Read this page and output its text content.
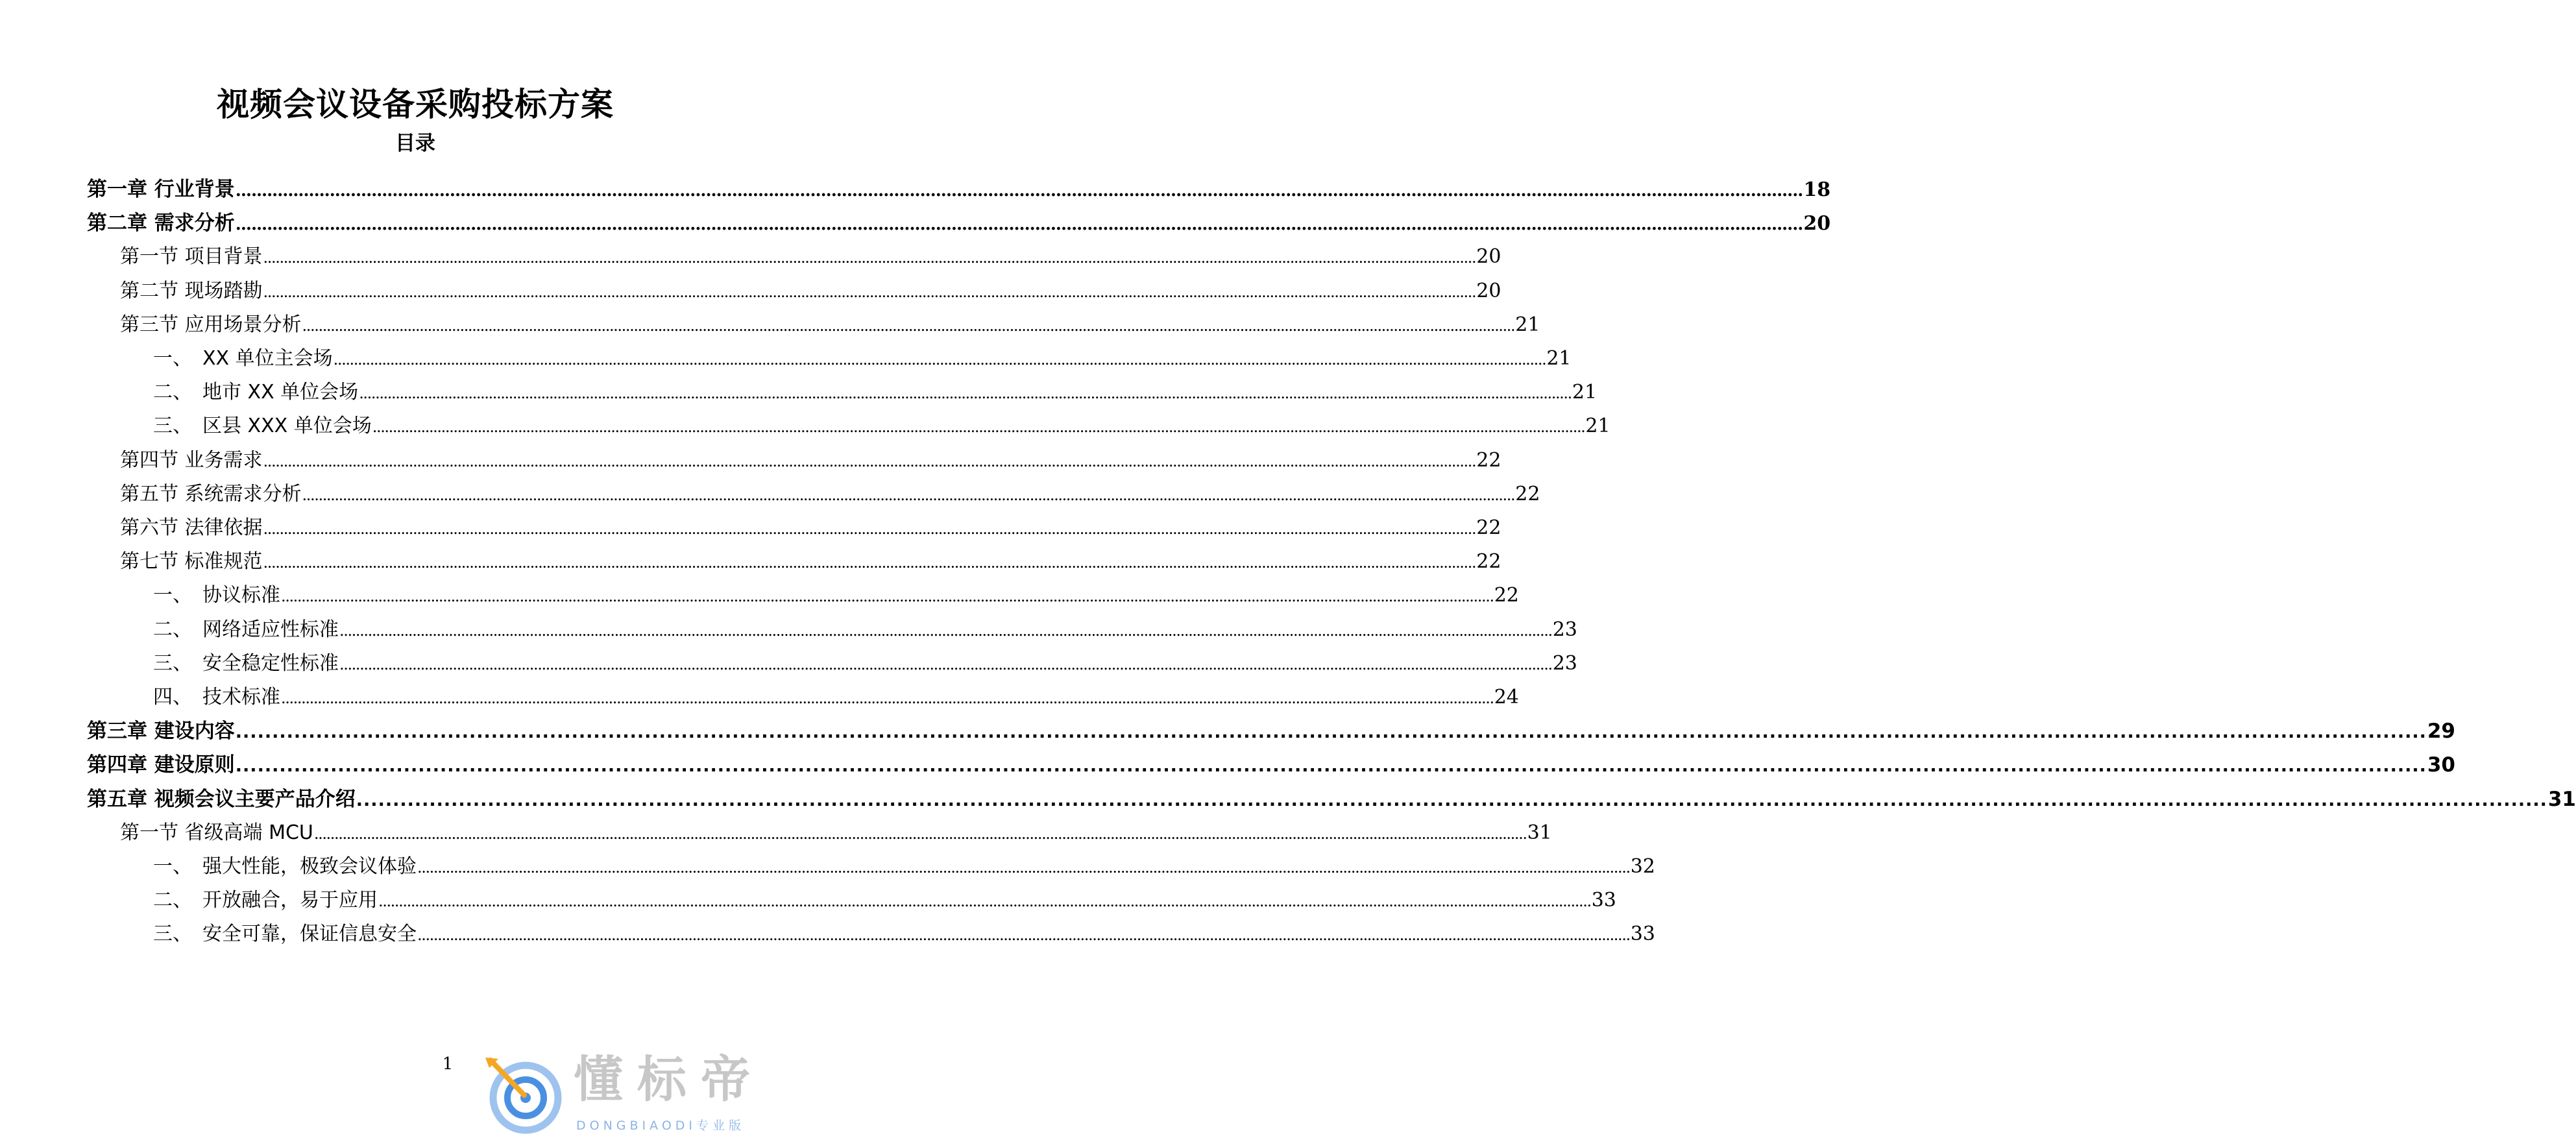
视频会议设备采购投标方案
目录
第一章 行业背景 ............................................................................................................................................................................................................................................................................................................ 18
第二章 需求分析 ............................................................................................................................................................................................................................................................................................................ 20
第一节 项目背景 ............................................................................................................................................................................................................................................................................................................ 20
第二节 现场踏勘 ............................................................................................................................................................................................................................................................................................................ 20
第三节 应用场景分析 ............................................................................................................................................................................................................................................................................................................ 21
一、 XX 单位主会场 ............................................................................................................................................................................................................................................................................................................ 21
二、 地市 XX 单位会场 ............................................................................................................................................................................................................................................................................................................ 21
三、 区县 XXX 单位会场 ............................................................................................................................................................................................................................................................................................................ 21
第四节 业务需求 ............................................................................................................................................................................................................................................................................................................ 22
第五节 系统需求分析 ............................................................................................................................................................................................................................................................................................................ 22
第六节 法律依据 ............................................................................................................................................................................................................................................................................................................ 22
第七节 标准规范 ............................................................................................................................................................................................................................................................................................................ 22
一、 协议标准 ............................................................................................................................................................................................................................................................................................................ 22
二、 网络适应性标准 ............................................................................................................................................................................................................................................................................................................ 23
三、 安全稳定性标准 ............................................................................................................................................................................................................................................................................................................ 23
四、 技术标准 ............................................................................................................................................................................................................................................................................................................ 24
第三章 建设内容 ............................................................................................................................................................................................................................................................................................................ 29
第四章 建设原则 ............................................................................................................................................................................................................................................................................................................ 30
第五章 视频会议主要产品介绍 ............................................................................................................................................................................................................................................................................................................ 31
第一节 省级高端 MCU ............................................................................................................................................................................................................................................................................................................ 31
一、 强大性能，极致会议体验 ............................................................................................................................................................................................................................................................................................................ 32
二、 开放融合，易于应用 ............................................................................................................................................................................................................................................................................................................ 33
三、 安全可靠，保证信息安全 ............................................................................................................................................................................................................................................................................................................ 33
1	懂标帝
DONGBIAODI专业版
